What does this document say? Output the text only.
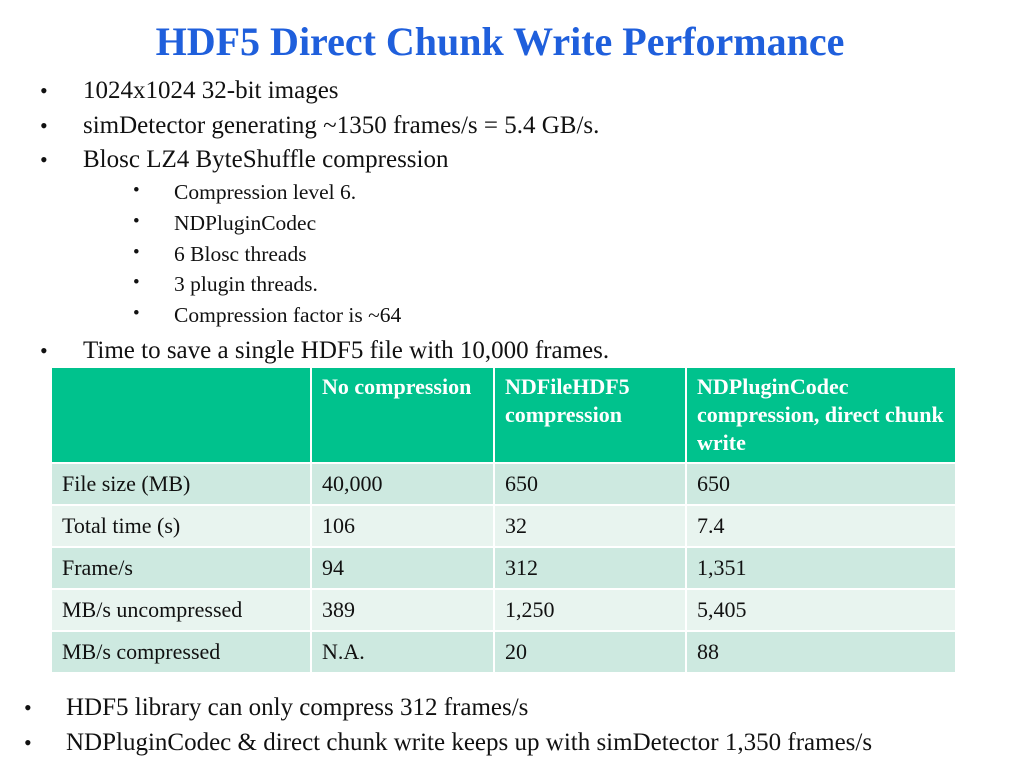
HDF5 Direct Chunk Write Performance
• 1024x1024 32-bit images
• simDetector generating ~1350 frames/s = 5.4 GB/s.
• Blosc LZ4 ByteShuffle compression
• Compression level 6.
• NDPluginCodec
• 6 Blosc threads
• 3 plugin threads.
• Compression factor is ~64
• Time to save a single HDF5 file with 10,000 frames.
	No compression	NDFileHDF5 compression	NDPluginCodec compression, direct chunk write
File size (MB)	40,000	650	650
Total time (s)	106	32	7.4
Frame/s	94	312	1,351
MB/s uncompressed	389	1,250	5,405
MB/s compressed	N.A.	20	88
• HDF5 library can only compress 312 frames/s
• NDPluginCodec & direct chunk write keeps up with simDetector 1,350 frames/s
